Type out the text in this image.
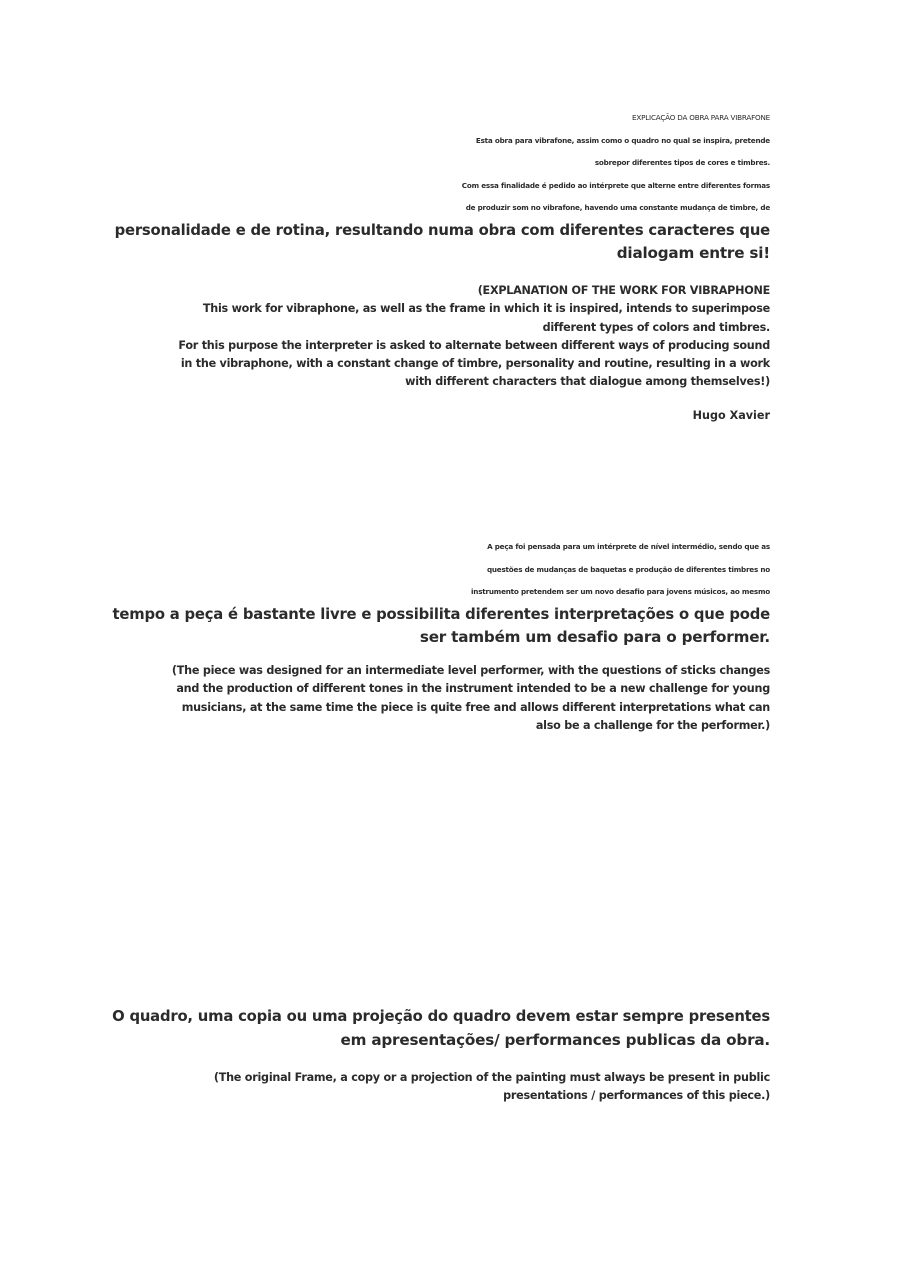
EXPLICAÇÃO DA OBRA PARA VIBRAFONE
Esta obra para vibrafone, assim como o quadro no qual se inspira, pretende
sobrepor diferentes tipos de cores e timbres.
Com essa finalidade é pedido ao intérprete que alterne entre diferentes formas
de produzir som no vibrafone, havendo uma constante mudança de timbre, de
personalidade e de rotina, resultando numa obra com diferentes caracteres que
dialogam entre si!
(EXPLANATION OF THE WORK FOR VIBRAPHONE
This work for vibraphone, as well as the frame in which it is inspired, intends to superimpose
different types of colors and timbres.
For this purpose the interpreter is asked to alternate between different ways of producing sound
in the vibraphone, with a constant change of timbre, personality and routine, resulting in a work
with different characters that dialogue among themselves!)
Hugo Xavier
A peça foi pensada para um intérprete de nível intermédio, sendo que as
questões de mudanças de baquetas e produção de diferentes timbres no
instrumento pretendem ser um novo desafio para jovens músicos, ao mesmo
tempo a peça é bastante livre e possibilita diferentes interpretações o que pode
ser também um desafio para o performer.
(The piece was designed for an intermediate level performer, with the questions of sticks changes
and the production of different tones in the instrument intended to be a new challenge for young
musicians, at the same time the piece is quite free and allows different interpretations what can
also be a challenge for the performer.)
O quadro, uma copia ou uma projeção do quadro devem estar sempre presentes
em apresentações/ performances publicas da obra.
(The original Frame, a copy or a projection of the painting must always be present in public
presentations / performances of this piece.)
